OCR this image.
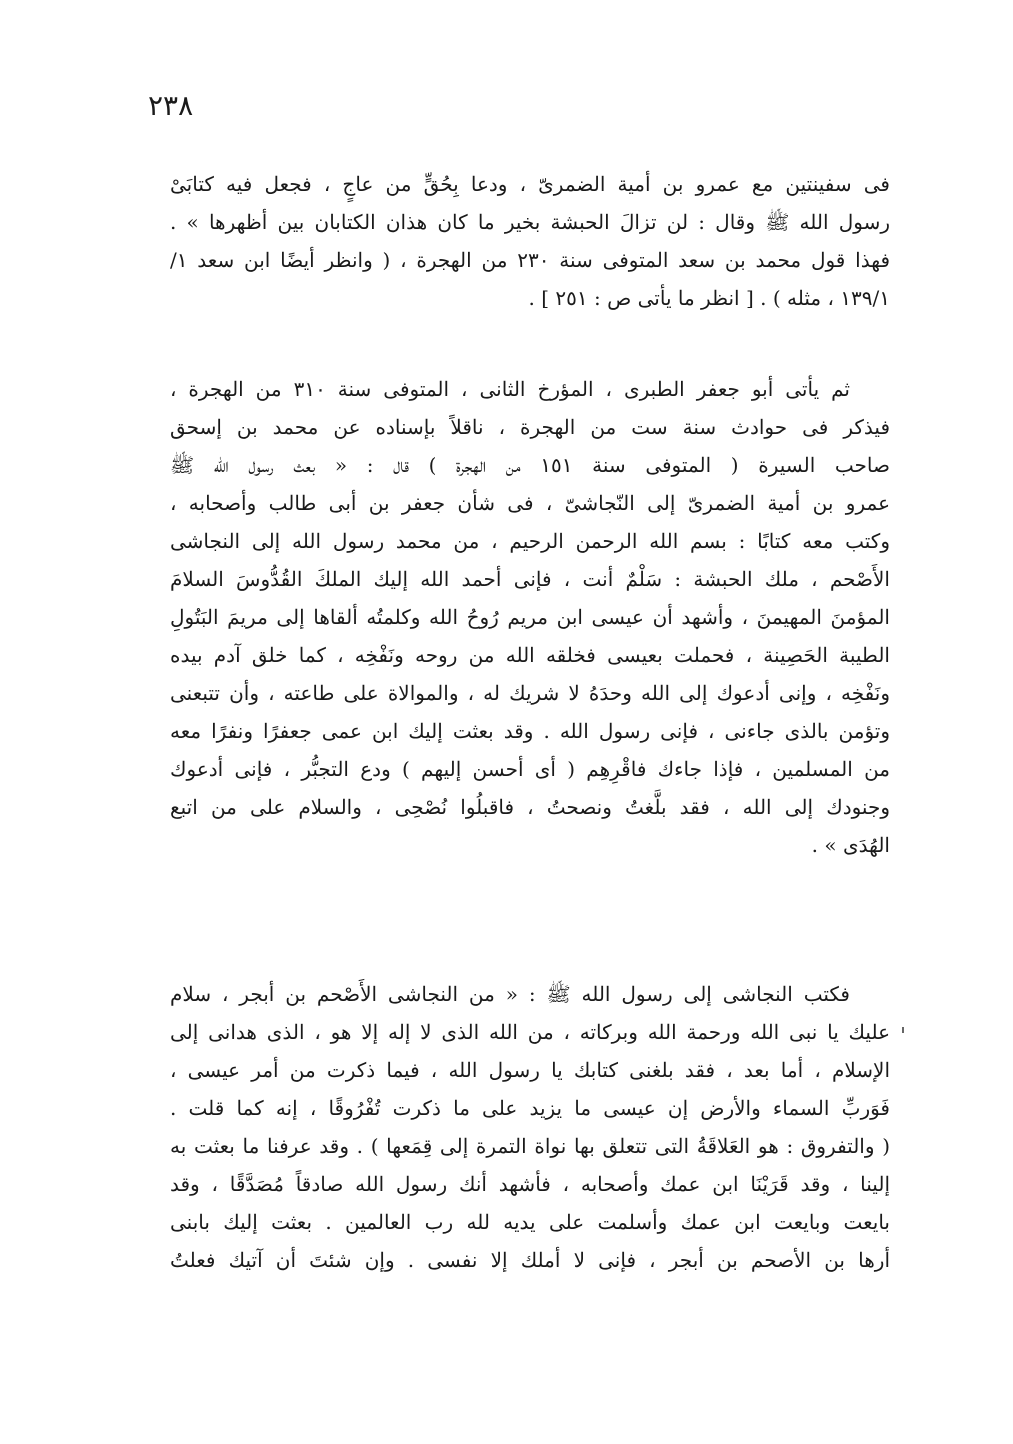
٢٣٨
فى سفينتين مع عمرو بن أمية الضمرىّ ، ودعا بِحُقٍّ من عاجٍ ، فجعل فيه كتابَىْ
رسول الله ﷺ وقال : لن تزالَ الحبشة بخير ما كان هذان الكتابان بين أظهرها » .
فهذا قول محمد بن سعد المتوفى سنة ٢٣٠ من الهجرة ، ( وانظر أيضًا ابن سعد ١/
١٣٩/١ ، مثله ) . [ انظر ما يأتى ص : ٢٥١ ] .
ثم يأتى أبو جعفر الطبرى ، المؤرخ الثانى ، المتوفى سنة ٣١٠ من الهجرة ،
فيذكر فى حوادث سنة ست من الهجرة ، ناقلاً بإسناده عن محمد بن إسحق
صاحب السيرة ( المتوفى سنة ١٥١ من الهجرة ) قال : « بعث رسول الله ﷺ
عمرو بن أمية الضمرىّ إلى النّجاشىّ ، فى شأن جعفر بن أبى طالب وأصحابه ،
وكتب معه كتابًا : بسم الله الرحمن الرحيم ، من محمد رسول الله إلى النجاشى
الأَصْحم ، ملك الحبشة : سَلْمٌ أنت ، فإنى أحمد الله إليك الملكَ القُدُّوسَ السلامَ
المؤمنَ المهيمنَ ، وأشهد أن عيسى ابن مريم رُوحُ الله وكلمتُه ألقاها إلى مريمَ البَتُولِ
الطيبة الحَصِينة ، فحملت بعيسى فخلقه الله من روحه ونَفْخِه ، كما خلق آدم بيده
ونَفْخِه ، وإنى أدعوك إلى الله وحدَهُ لا شريك له ، والموالاة على طاعته ، وأن تتبعنى
وتؤمن بالذى جاءنى ، فإنى رسول الله . وقد بعثت إليك ابن عمى جعفرًا ونفرًا معه
من المسلمين ، فإذا جاءك فاقْرِهِم ( أى أحسن إليهم ) ودع التجبُّر ، فإنى أدعوك
وجنودك إلى الله ، فقد بلَّغتُ ونصحتُ ، فاقبلُوا نُصْحِى ، والسلام على من اتبع
الهُدَى » .
فكتب النجاشى إلى رسول الله ﷺ : « من النجاشى الأَصْحم بن أبجر ، سلام
عليك يا نبى الله ورحمة الله وبركاته ، من الله الذى لا إله إلا هو ، الذى هدانى إلى
الإسلام ، أما بعد ، فقد بلغنى كتابك يا رسول الله ، فيما ذكرت من أمر عيسى ،
فَوَربِّ السماء والأرض إن عيسى ما يزيد على ما ذكرت تُفْرُوقًا ، إنه كما قلت .
( والتفروق : هو العَلاقَةُ التى تتعلق بها نواة التمرة إلى قِمَعها ) . وقد عرفنا ما بعثت به
إلينا ، وقد قَرَيْنَا ابن عمك وأصحابه ، فأشهد أنك رسول الله صادقاً مُصَدَّقًا ، وقد
بايعت وبايعت ابن عمك وأسلمت على يديه لله رب العالمين . بعثت إليك بابنى
أرها بن الأصحم بن أبجر ، فإنى لا أملك إلا نفسى . وإن شئتَ أن آتيك فعلتُ
